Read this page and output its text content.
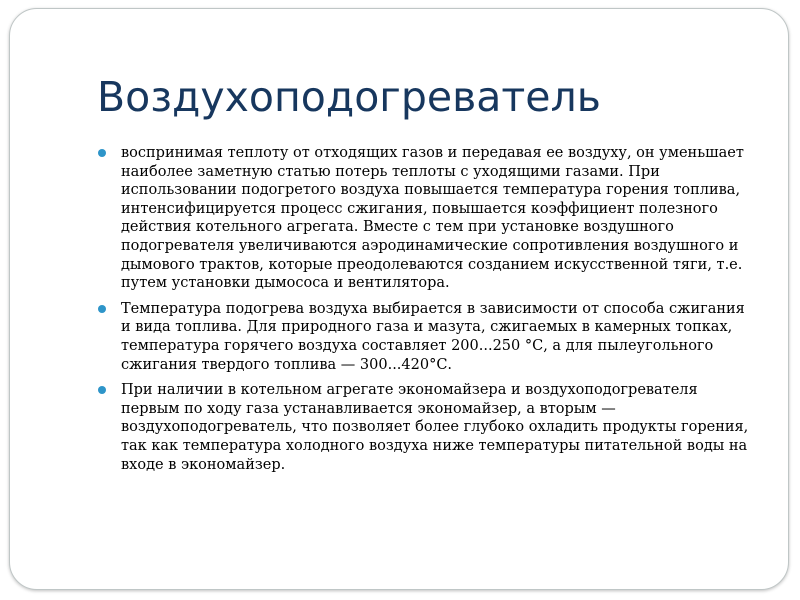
Воздухоподогреватель
воспринимая теплоту от отходящих газов и передавая ее воздуху, он уменьшает наиболее заметную статью потерь теплоты с уходящими газами. При использовании подогретого воздуха повышается температура горения топлива, интенсифицируется процесс сжигания, повышается коэффициент полезного действия котельного агрегата. Вместе с тем при установке воздушного подогревателя увеличиваются аэродинамические сопротивления воздушного и дымового трактов, которые преодолеваются созданием искусственной тяги, т.е. путем установки дымососа и вентилятора.
Температура подогрева воздуха выбирается в зависимости от способа сжигания и вида топлива. Для природного газа и мазута, сжигаемых в камерных топках, температура горячего воздуха составляет 200...250 °С, а для пылеугольного сжигания твердого топлива — 300...420°С.
При наличии в котельном агрегате экономайзера и воздухоподогревателя первым по ходу газа устанавливается экономайзер, а вторым — воздухоподогреватель, что позволяет более глубоко охладить продукты горения, так как температура холодного воздуха ниже температуры питательной воды на входе в экономайзер.
